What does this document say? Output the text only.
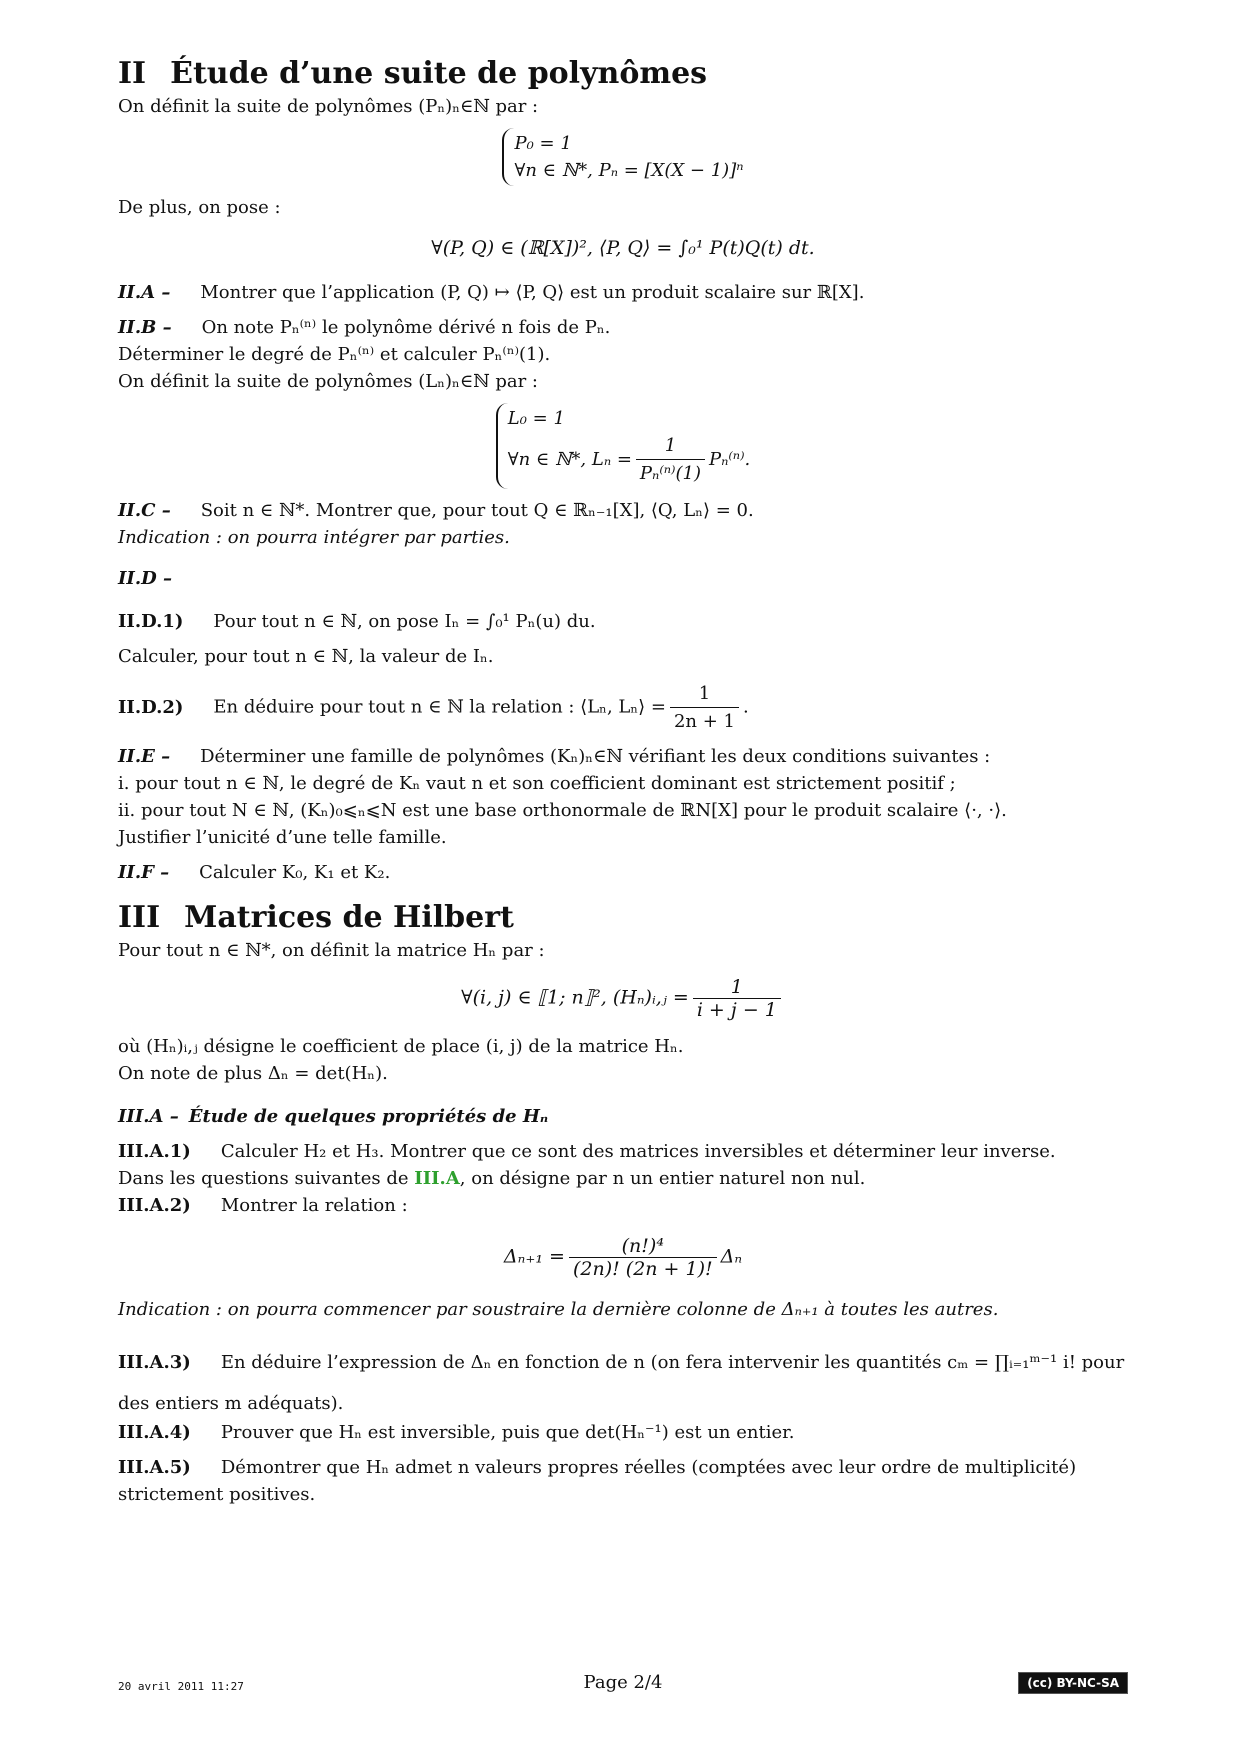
II Étude d’une suite de polynômes

On définit la suite de polynômes (Pₙ)ₙ∈ℕ par :

P₀ = 1
∀n ∈ ℕ*, Pₙ = [X(X − 1)]ⁿ

De plus, on pose :

∀(P, Q) ∈ (ℝ[X])², ⟨P, Q⟩ = ∫₀¹ P(t)Q(t) dt.

II.A – Montrer que l’application (P, Q) ↦ ⟨P, Q⟩ est un produit scalaire sur ℝ[X].

II.B – On note Pₙ⁽ⁿ⁾ le polynôme dérivé n fois de Pₙ.

Déterminer le degré de Pₙ⁽ⁿ⁾ et calculer Pₙ⁽ⁿ⁾(1).

On définit la suite de polynômes (Lₙ)ₙ∈ℕ par :

L₀ = 1
∀n ∈ ℕ*, $L_n = \frac{1}{\text{Pₙ⁽ⁿ⁾(1)}} P_n^{(n)}$.

II.C – Soit n ∈ ℕ*. Montrer que, pour tout Q ∈ ℝₙ₋₁[X], ⟨Q, Lₙ⟩ = 0.

Indication : on pourra intégrer par parties.

II.D –

II.D.1) Pour tout n ∈ ℕ, on pose Iₙ = ∫₀¹ Pₙ(u) du.

Calculer, pour tout n ∈ ℕ, la valeur de Iₙ.

II.D.2) En déduire pour tout n ∈ ℕ la relation : ⟨Lₙ, Lₙ⟩ = $\frac{1}{2n + 1}$ .

II.E – Déterminer une famille de polynômes (Kₙ)ₙ∈ℕ vérifiant les deux conditions suivantes :

i. pour tout n ∈ ℕ, le degré de Kₙ vaut n et son coefficient dominant est strictement positif ;

ii. pour tout N ∈ ℕ, (Kₙ)₀⩽ₙ⩽N est une base orthonormale de ℝN[X] pour le produit scalaire ⟨·, ·⟩.

Justifier l’unicité d’une telle famille.

II.F – Calculer K₀, K₁ et K₂.

III Matrices de Hilbert

Pour tout n ∈ ℕ*, on définit la matrice Hₙ par :

∀(i, j) ∈ ⟦1; n⟧², (Hₙ)ᵢ,ⱼ = $\frac{1}{i + j - 1}$

où (Hₙ)ᵢ,ⱼ désigne le coefficient de place (i, j) de la matrice Hₙ.

On note de plus Δₙ = det(Hₙ).

III.A – Étude de quelques propriétés de Hₙ

III.A.1) Calculer H₂ et H₃. Montrer que ce sont des matrices inversibles et déterminer leur inverse.

Dans les questions suivantes de III.A, on désigne par n un entier naturel non nul.

III.A.2) Montrer la relation :

$\Delta_{n+1} = \frac{\text{(n!)⁴}}{(2n)! (2n + 1)!}$ Δₙ

Indication : on pourra commencer par soustraire la dernière colonne de Δₙ₊₁ à toutes les autres.

III.A.3) En déduire l’expression de Δₙ en fonction de n (on fera intervenir les quantités cₘ = ∏ᵢ₌₁ᵐ⁻¹ i! pour

des entiers m adéquats).

III.A.4) Prouver que Hₙ est inversible, puis que det(Hₙ⁻¹) est un entier.

III.A.5) Démontrer que Hₙ admet n valeurs propres réelles (comptées avec leur ordre de multiplicité)

strictement positives.

20 avril 2011 11:27	Page 2/4	(cc) BY-NC-SA
